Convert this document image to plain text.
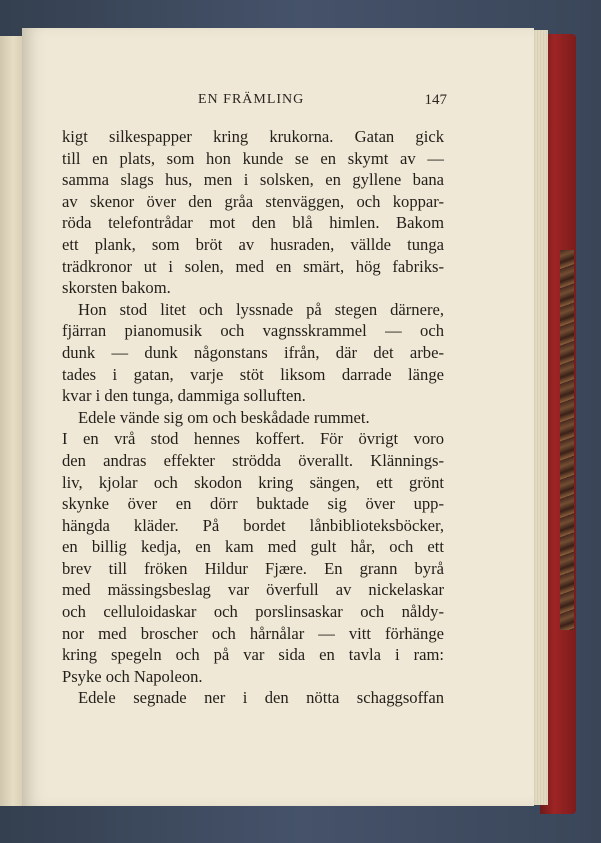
EN FRÄMLING	147
kigt silkespapper kring krukorna. Gatan gick
till en plats, som hon kunde se en skymt av —
samma slags hus, men i solsken, en gyllene bana
av skenor över den gråa stenväggen, och koppar-
röda telefontrådar mot den blå himlen. Bakom
ett plank, som bröt av husraden, vällde tunga
trädkronor ut i solen, med en smärt, hög fabriks-
skorsten bakom.
Hon stod litet och lyssnade på stegen därnere,
fjärran pianomusik och vagnsskrammel — och
dunk — dunk någonstans ifrån, där det arbe-
tades i gatan, varje stöt liksom darrade länge
kvar i den tunga, dammiga solluften.
Edele vände sig om och beskådade rummet.
I en vrå stod hennes koffert. För övrigt voro
den andras effekter strödda överallt. Klännings-
liv, kjolar och skodon kring sängen, ett grönt
skynke över en dörr buktade sig över upp-
hängda kläder. På bordet lånbiblioteksböcker,
en billig kedja, en kam med gult hår, och ett
brev till fröken Hildur Fjære. En grann byrå
med mässingsbeslag var överfull av nickelaskar
och celluloidaskar och porslinsaskar och nåldy-
nor med broscher och hårnålar — vitt förhänge
kring spegeln och på var sida en tavla i ram:
Psyke och Napoleon.
Edele segnade ner i den nötta schaggsoffan
